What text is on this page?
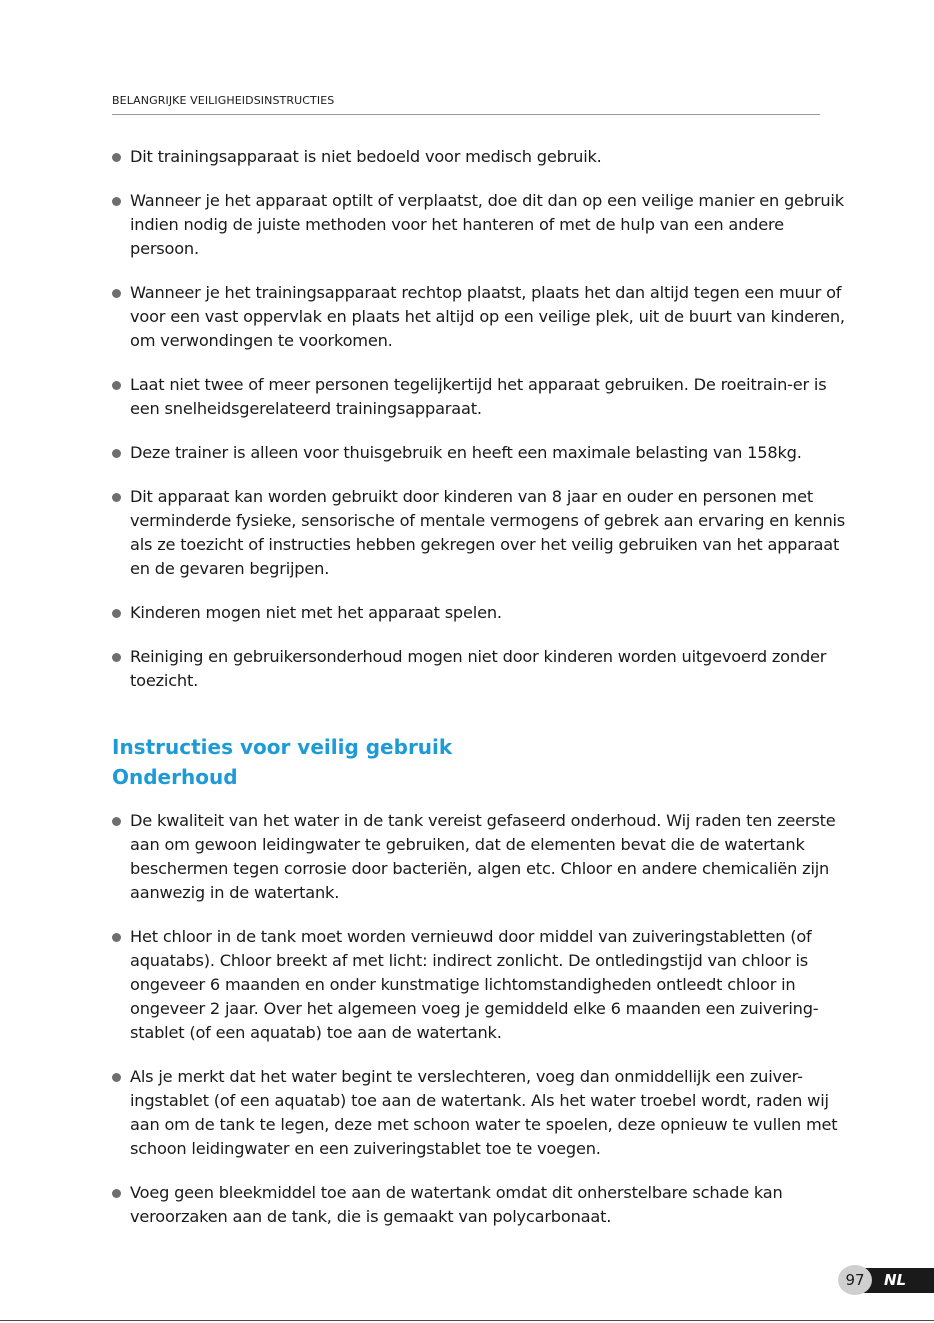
BELANGRIJKE VEILIGHEIDSINSTRUCTIES
Dit trainingsapparaat is niet bedoeld voor medisch gebruik.
Wanneer je het apparaat optilt of verplaatst, doe dit dan op een veilige manier en gebruik indien nodig de juiste methoden voor het hanteren of met de hulp van een andere persoon.
Wanneer je het trainingsapparaat rechtop plaatst, plaats het dan altijd tegen een muur of voor een vast oppervlak en plaats het altijd op een veilige plek, uit de buurt van kinderen, om verwondingen te voorkomen.
Laat niet twee of meer personen tegelijkertijd het apparaat gebruiken. De roeitrain-er is een snelheidsgerelateerd trainingsapparaat.
Deze trainer is alleen voor thuisgebruik en heeft een maximale belasting van 158kg.
Dit apparaat kan worden gebruikt door kinderen van 8 jaar en ouder en personen met verminderde fysieke, sensorische of mentale vermogens of gebrek aan ervaring en kennis als ze toezicht of instructies hebben gekregen over het veilig gebruiken van het apparaat en de gevaren begrijpen.
Kinderen mogen niet met het apparaat spelen.
Reiniging en gebruikersonderhoud mogen niet door kinderen worden uitgevoerd zonder toezicht.
Instructies voor veilig gebruik
Onderhoud
De kwaliteit van het water in de tank vereist gefaseerd onderhoud. Wij raden ten zeerste aan om gewoon leidingwater te gebruiken, dat de elementen bevat die de watertank beschermen tegen corrosie door bacteriën, algen etc. Chloor en andere chemicaliën zijn aanwezig in de watertank.
Het chloor in de tank moet worden vernieuwd door middel van zuiveringstabletten (of aquatabs). Chloor breekt af met licht: indirect zonlicht. De ontledingstijd van chloor is ongeveer 6 maanden en onder kunstmatige lichtomstandigheden ontleedt chloor in ongeveer 2 jaar. Over het algemeen voeg je gemiddeld elke 6 maanden een zuivering-stablet (of een aquatab) toe aan de watertank.
Als je merkt dat het water begint te verslechteren, voeg dan onmiddellijk een zuiver-ingstablet (of een aquatab) toe aan de watertank. Als het water troebel wordt, raden wij aan om de tank te legen, deze met schoon water te spoelen, deze opnieuw te vullen met schoon leidingwater en een zuiveringstablet toe te voegen.
Voeg geen bleekmiddel toe aan de watertank omdat dit onherstelbare schade kan veroorzaken aan de tank, die is gemaakt van polycarbonaat.
NL
97
